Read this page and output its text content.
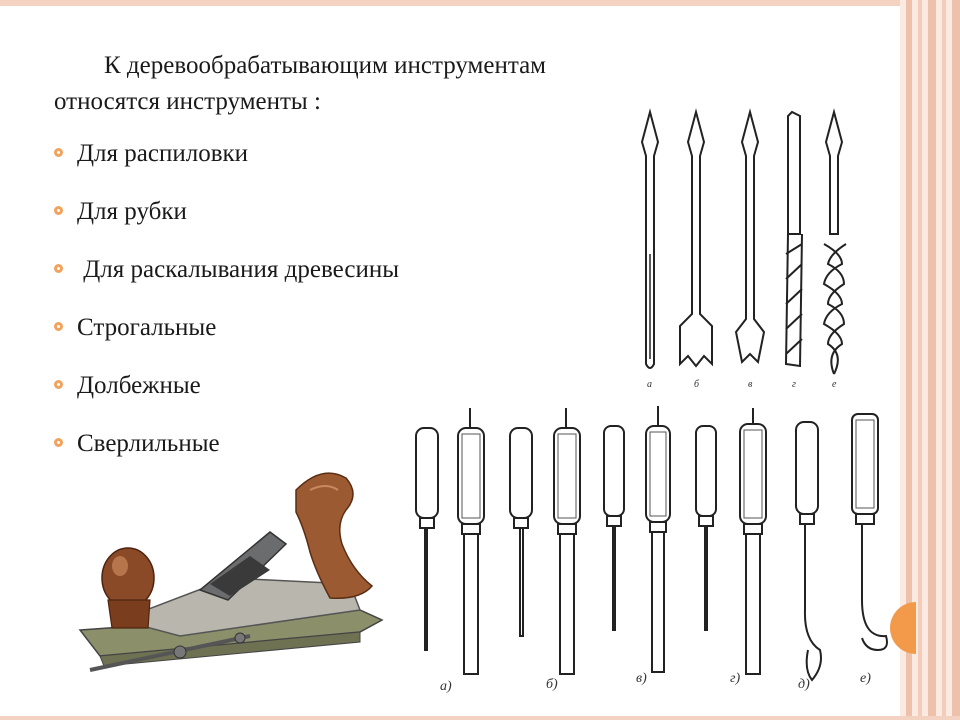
К деревообрабатывающим инструментам
относятся инструменты :
Для распиловки
Для рубки
Для раскалывания древесины
Строгальные
Долбежные
Сверлильные
а	б	в	г	е
а)	б)	в)	г)	д)	е)
